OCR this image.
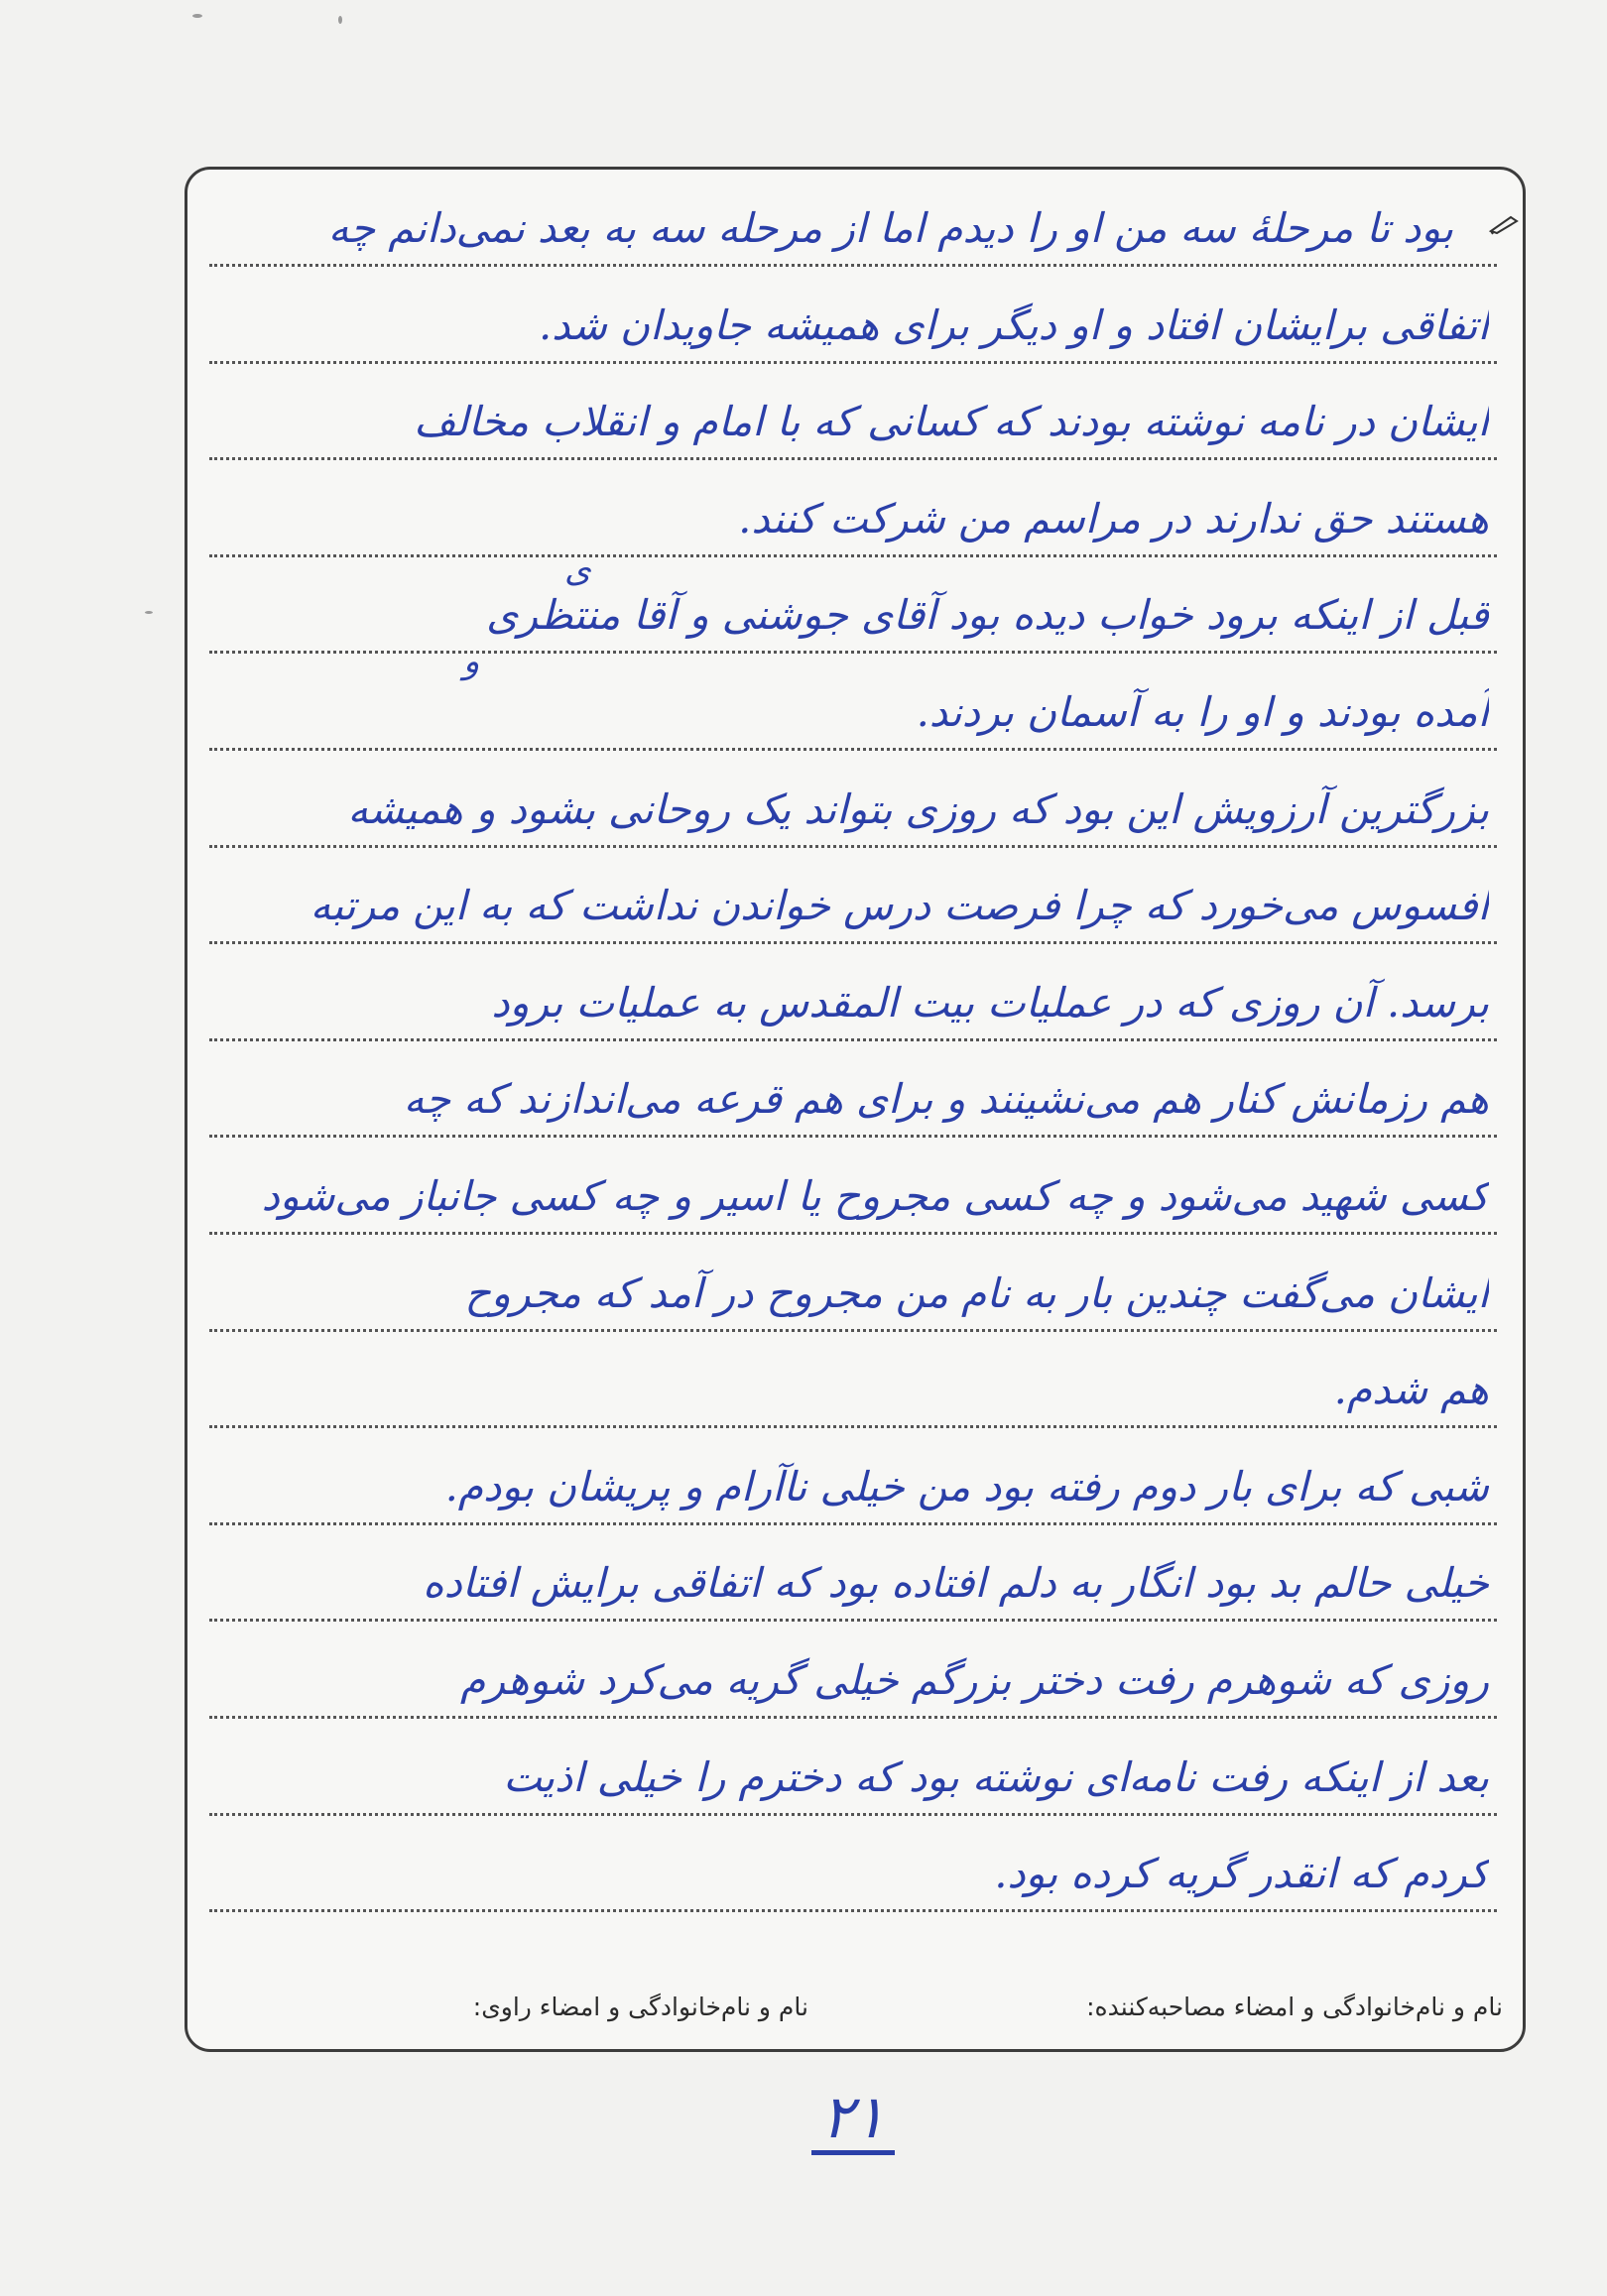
بود تا مرحلهٔ سه من او را دیدم اما از مرحله سه به بعد نمی‌دانم چه
اتفاقی برایشان افتاد و او دیگر برای همیشه جاویدان شد.
ایشان در نامه نوشته بودند که کسانی که با امام و انقلاب مخالف
هستند حق ندارند در مراسم من شرکت کنند.
قبل از اینکه برود خواب دیده بود آقای جوشنی و آقا منتظری
آمده بودند و او را به آسمان بردند.
بزرگترین آرزویش این بود که روزی بتواند یک روحانی بشود و همیشه
افسوس می‌خورد که چرا فرصت درس خواندن نداشت که به این مرتبه
برسد. آن روزی که در عملیات بیت المقدس به عملیات برود
هم رزمانش کنار هم می‌نشینند و برای هم قرعه می‌اندازند که چه
کسی شهید می‌شود و چه کسی مجروح یا اسیر و چه کسی جانباز می‌شود
ایشان می‌گفت چندین بار به نام من مجروح در آمد که مجروح
هم شدم.
شبی که برای بار دوم رفته بود من خیلی ناآرام و پریشان بودم.
خیلی حالم بد بود انگار به دلم افتاده بود که اتفاقی برایش افتاده
روزی که شوهرم رفت دختر بزرگم خیلی گریه می‌کرد شوهرم
بعد از اینکه رفت نامه‌ای نوشته بود که دخترم را خیلی اذیت
کردم که انقدر گریه کرده بود.
ی
و
نام و نام‌خانوادگی و امضاء مصاحبه‌کننده:
نام و نام‌خانوادگی و امضاء راوی:
۲۱
